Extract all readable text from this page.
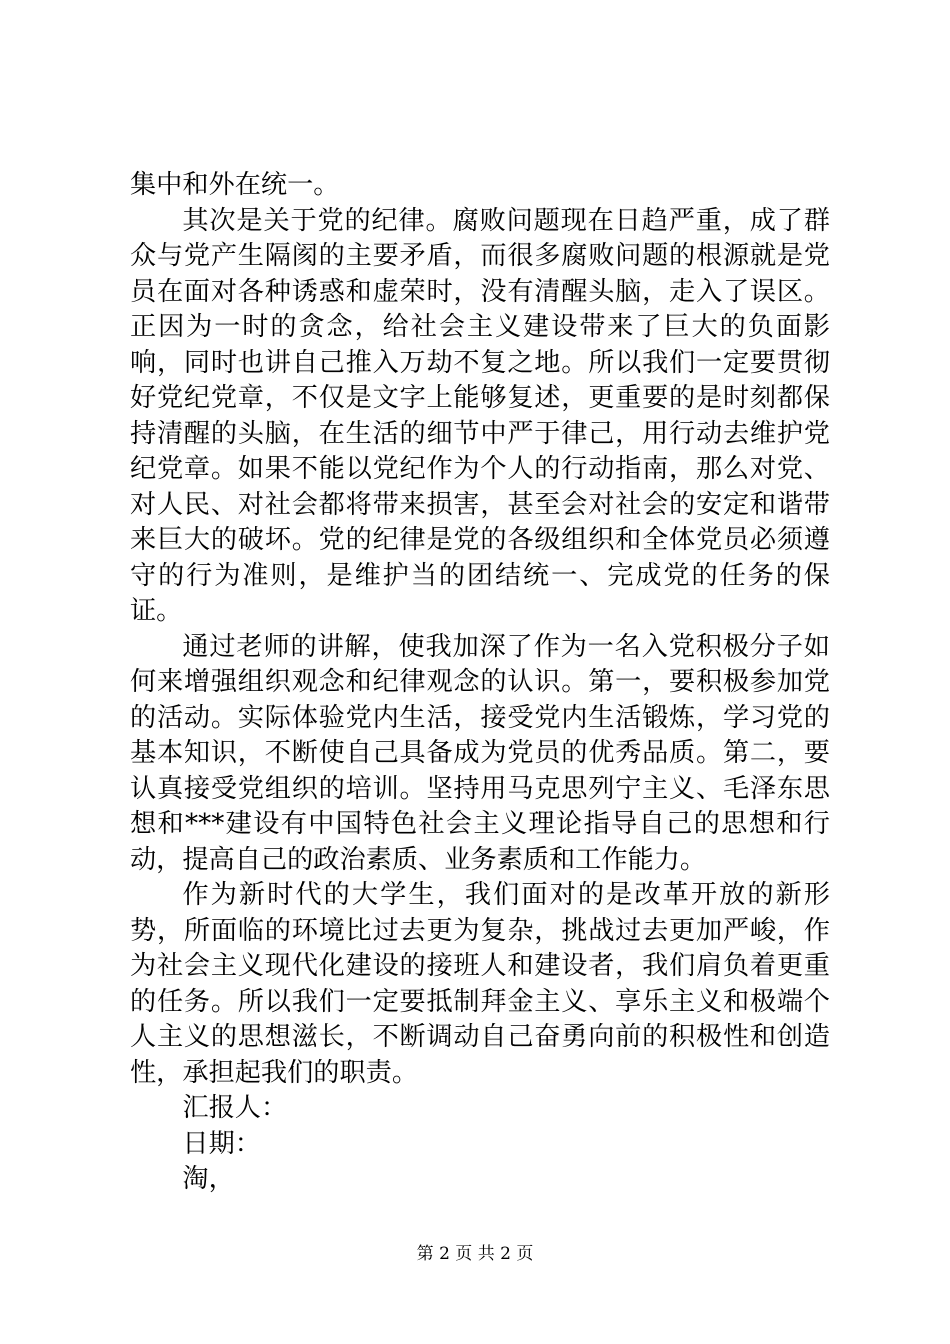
集中和外在统一。

其次是关于党的纪律。腐败问题现在日趋严重，成了群众与党产生隔阂的主要矛盾，而很多腐败问题的根源就是党员在面对各种诱惑和虚荣时，没有清醒头脑，走入了误区。正因为一时的贪念，给社会主义建设带来了巨大的负面影响，同时也讲自己推入万劫不复之地。所以我们一定要贯彻好党纪党章，不仅是文字上能够复述，更重要的是时刻都保持清醒的头脑，在生活的细节中严于律己，用行动去维护党纪党章。如果不能以党纪作为个人的行动指南，那么对党、对人民、对社会都将带来损害，甚至会对社会的安定和谐带来巨大的破坏。党的纪律是党的各级组织和全体党员必须遵守的行为准则，是维护当的团结统一、完成党的任务的保证。

通过老师的讲解，使我加深了作为一名入党积极分子如何来增强组织观念和纪律观念的认识。第一，要积极参加党的活动。实际体验党内生活，接受党内生活锻炼，学习党的基本知识，不断使自己具备成为党员的优秀品质。第二，要认真接受党组织的培训。坚持用马克思列宁主义、毛泽东思想和***建设有中国特色社会主义理论指导自己的思想和行动，提高自己的政治素质、业务素质和工作能力。

作为新时代的大学生，我们面对的是改革开放的新形势，所面临的环境比过去更为复杂，挑战过去更加严峻，作为社会主义现代化建设的接班人和建设者，我们肩负着更重的任务。所以我们一定要抵制拜金主义、享乐主义和极端个人主义的思想滋长，不断调动自己奋勇向前的积极性和创造性，承担起我们的职责。

汇报人：

日期：

淘，

第 2 页 共 2 页
